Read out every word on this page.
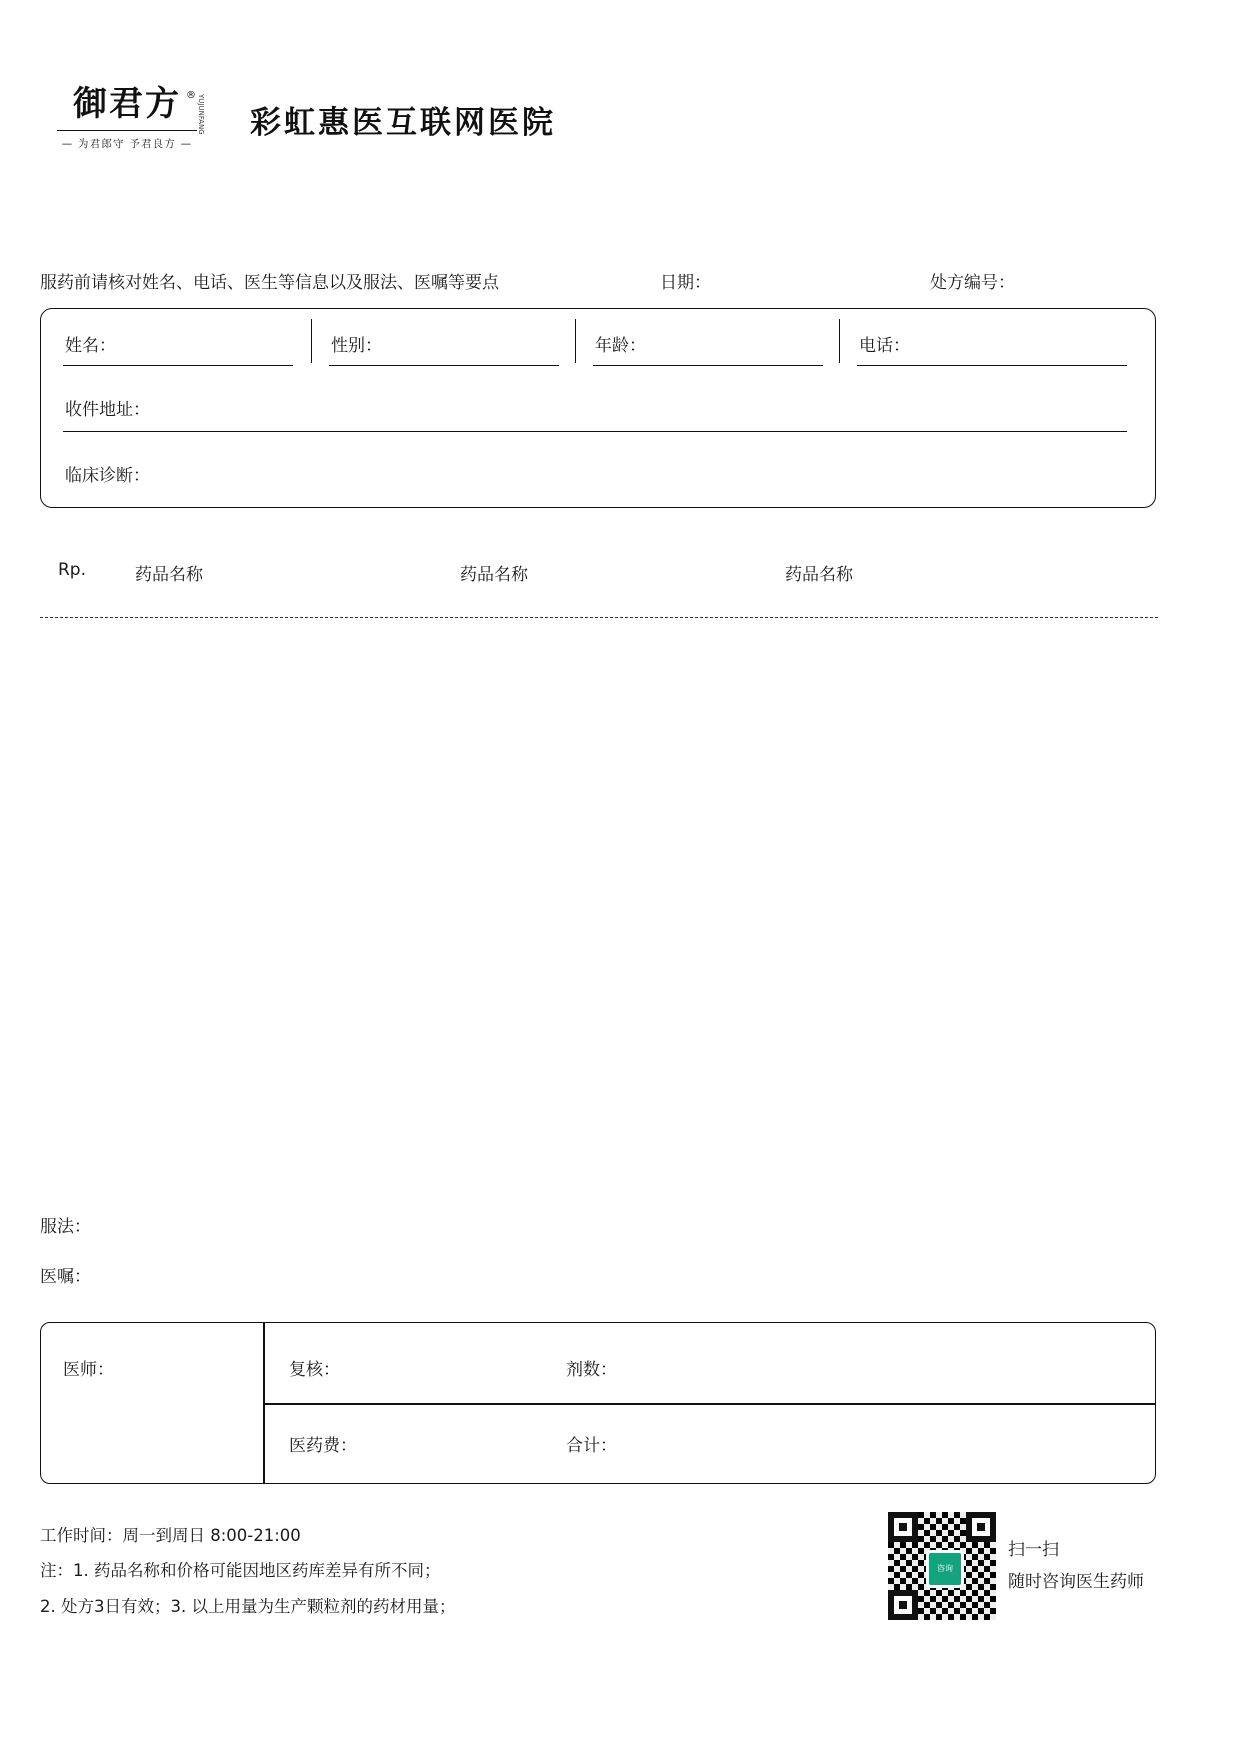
御君方 ® YUJUNFANG
— 为君郎守 予君良方 —
彩虹惠医互联网医院
服药前请核对姓名、电话、医生等信息以及服法、医嘱等要点	日期：	处方编号：
姓名：	性别：	年龄：	电话：
收件地址：
临床诊断：
Rp.	药品名称	药品名称	药品名称
服法：
医嘱：
医师：	复核：	剂数：
医药费：	合计：
工作时间：周一到周日 8:00-21:00
注：1. 药品名称和价格可能因地区药库差异有所不同；
2. 处方3日有效；3. 以上用量为生产颗粒剂的药材用量；
咨询
扫一扫
随时咨询医生药师
